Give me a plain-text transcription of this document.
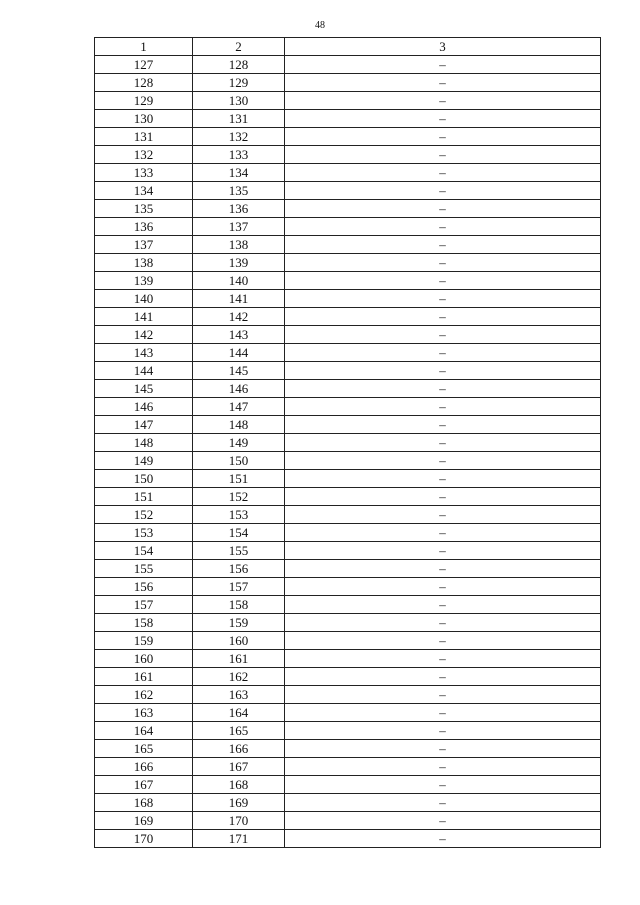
48
1	2	3
127	128	–
128	129	–
129	130	–
130	131	–
131	132	–
132	133	–
133	134	–
134	135	–
135	136	–
136	137	–
137	138	–
138	139	–
139	140	–
140	141	–
141	142	–
142	143	–
143	144	–
144	145	–
145	146	–
146	147	–
147	148	–
148	149	–
149	150	–
150	151	–
151	152	–
152	153	–
153	154	–
154	155	–
155	156	–
156	157	–
157	158	–
158	159	–
159	160	–
160	161	–
161	162	–
162	163	–
163	164	–
164	165	–
165	166	–
166	167	–
167	168	–
168	169	–
169	170	–
170	171	–
